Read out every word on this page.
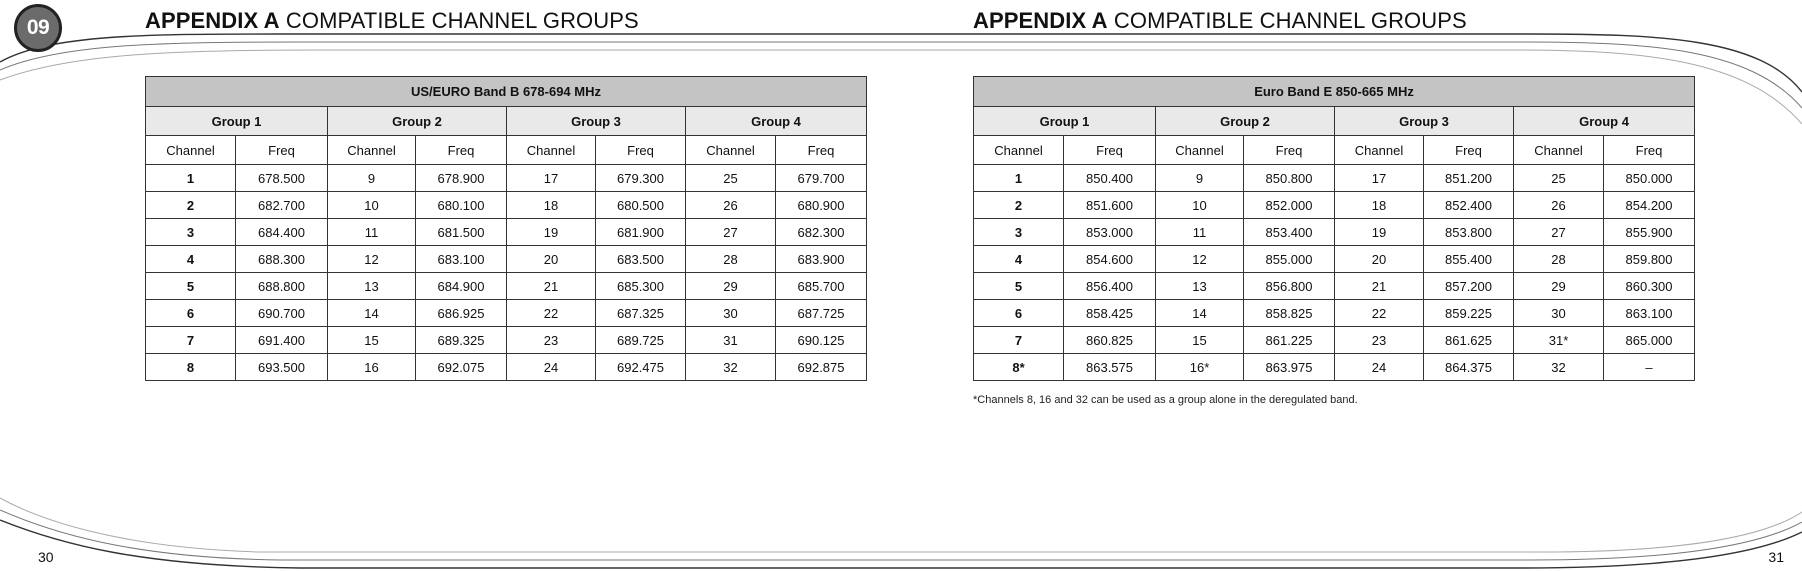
09	APPENDIX A COMPATIBLE CHANNEL GROUPS
US/EURO Band B 678-694 MHz							
Group 1		Group 2		Group 3		Group 4	
Channel	Freq	Channel	Freq	Channel	Freq	Channel	Freq
1	678.500	9	678.900	17	679.300	25	679.700
2	682.700	10	680.100	18	680.500	26	680.900
3	684.400	11	681.500	19	681.900	27	682.300
4	688.300	12	683.100	20	683.500	28	683.900
5	688.800	13	684.900	21	685.300	29	685.700
6	690.700	14	686.925	22	687.325	30	687.725
7	691.400	15	689.325	23	689.725	31	690.125
8	693.500	16	692.075	24	692.475	32	692.875
30
APPENDIX A COMPATIBLE CHANNEL GROUPS
Euro Band E 850-665 MHz							
Group 1		Group 2		Group 3		Group 4	
Channel	Freq	Channel	Freq	Channel	Freq	Channel	Freq
1	850.400	9	850.800	17	851.200	25	850.000
2	851.600	10	852.000	18	852.400	26	854.200
3	853.000	11	853.400	19	853.800	27	855.900
4	854.600	12	855.000	20	855.400	28	859.800
5	856.400	13	856.800	21	857.200	29	860.300
6	858.425	14	858.825	22	859.225	30	863.100
7	860.825	15	861.225	23	861.625	31*	865.000
8*	863.575	16*	863.975	24	864.375	32	–
*Channels 8, 16 and 32 can be used as a group alone in the deregulated band.
31
